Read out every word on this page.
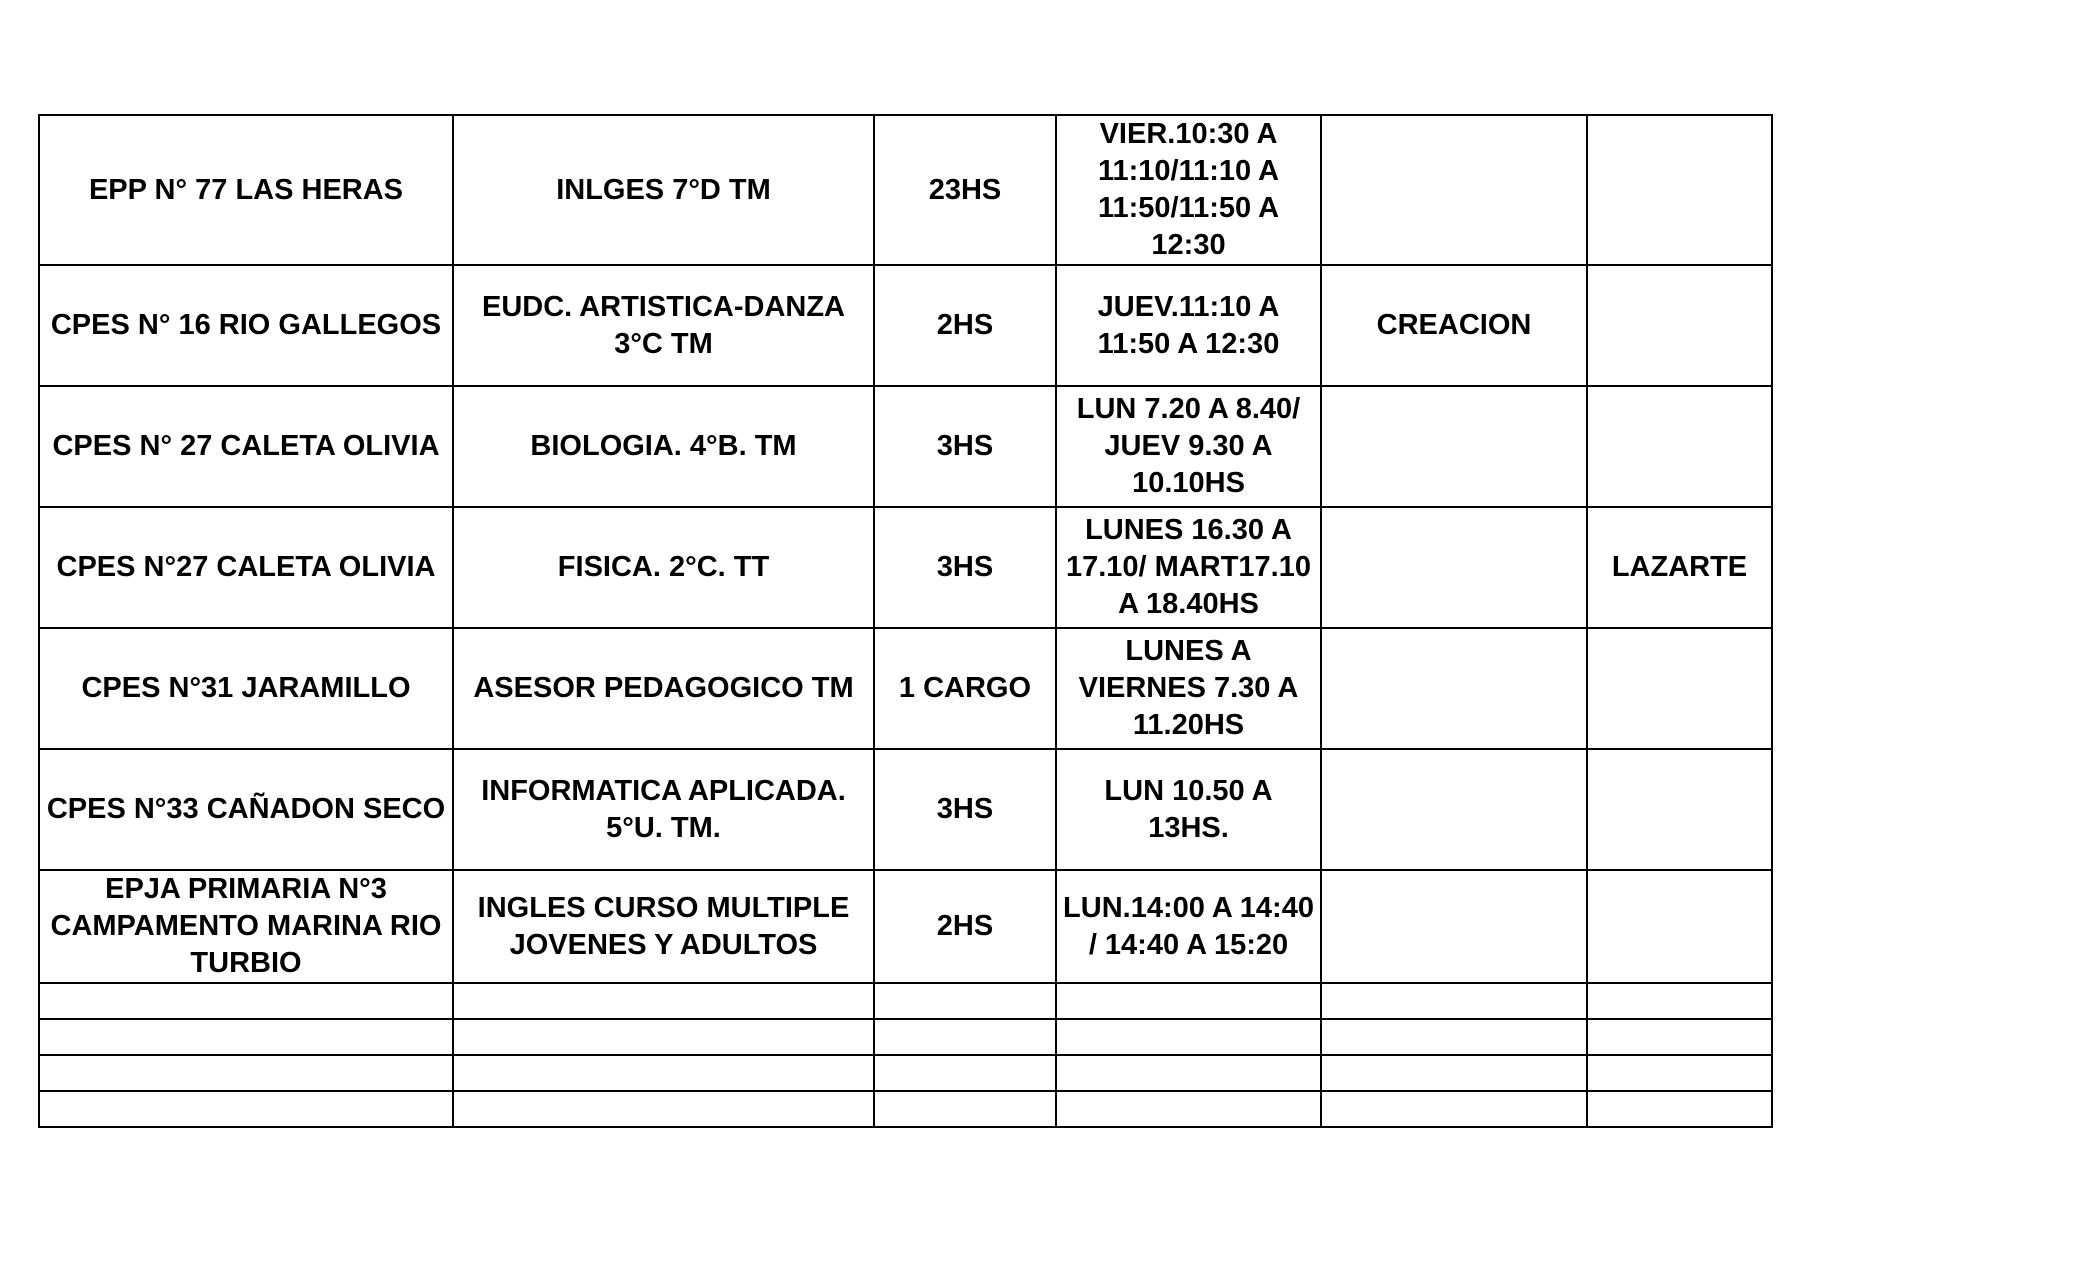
EPP N° 77 LAS HERAS	INLGES 7°D TM	23HS	VIER.10:30 A 11:10/11:10 A 11:50/11:50 A 12:30		
CPES N° 16 RIO GALLEGOS	EUDC. ARTISTICA-DANZA 3°C TM	2HS	JUEV.11:10 A 11:50 A 12:30	CREACION	
CPES N° 27 CALETA OLIVIA	BIOLOGIA. 4°B. TM	3HS	LUN 7.20 A 8.40/ JUEV 9.30 A 10.10HS		
CPES N°27 CALETA OLIVIA	FISICA. 2°C. TT	3HS	LUNES 16.30 A 17.10/ MART17.10 A 18.40HS		LAZARTE
CPES N°31 JARAMILLO	ASESOR PEDAGOGICO TM	1 CARGO	LUNES A VIERNES 7.30 A 11.20HS		
CPES N°33 CAÑADON SECO	INFORMATICA APLICADA. 5°U. TM.	3HS	LUN 10.50 A 13HS.		
EPJA PRIMARIA N°3 CAMPAMENTO MARINA RIO TURBIO	INGLES CURSO MULTIPLE JOVENES Y ADULTOS	2HS	LUN.14:00 A 14:40 / 14:40 A 15:20		
